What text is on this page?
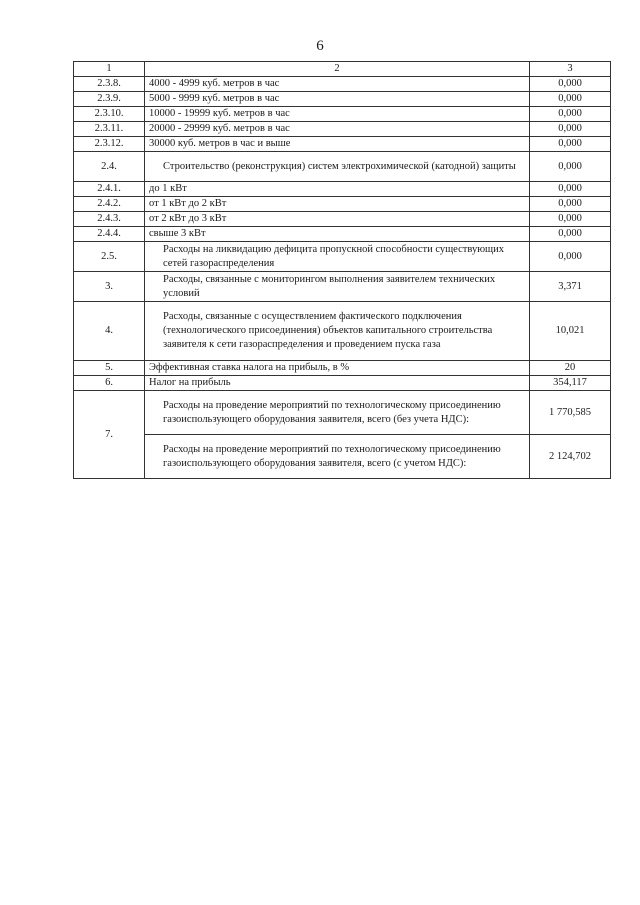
6
1	2	3
2.3.8.	4000 - 4999 куб. метров в час	0,000
2.3.9.	5000 - 9999 куб. метров в час	0,000
2.3.10.	10000 - 19999 куб. метров в час	0,000
2.3.11.	20000 - 29999 куб. метров в час	0,000
2.3.12.	30000 куб. метров в час и выше	0,000
2.4.	Строительство (реконструкция) систем электрохимической (катодной) защиты	0,000
2.4.1.	до 1 кВт	0,000
2.4.2.	от 1 кВт до 2 кВт	0,000
2.4.3.	от 2 кВт до 3 кВт	0,000
2.4.4.	свыше 3 кВт	0,000
2.5.	Расходы на ликвидацию дефицита пропускной способности существующих сетей газораспределения	0,000
3.	Расходы, связанные с мониторингом выполнения заявителем технических условий	3,371
4.	Расходы, связанные с осуществлением фактического подключения (технологического присоединения) объектов капитального строительства заявителя к сети газораспределения и проведением пуска газа	10,021
5.	Эффективная ставка налога на прибыль, в %	20
6.	Налог на прибыль	354,117
7.	Расходы на проведение мероприятий по технологическому присоединению газоиспользующего оборудования заявителя, всего (без учета НДС):	1 770,585
	Расходы на проведение мероприятий по технологическому присоединению газоиспользующего оборудования заявителя, всего (с учетом НДС):	2 124,702
